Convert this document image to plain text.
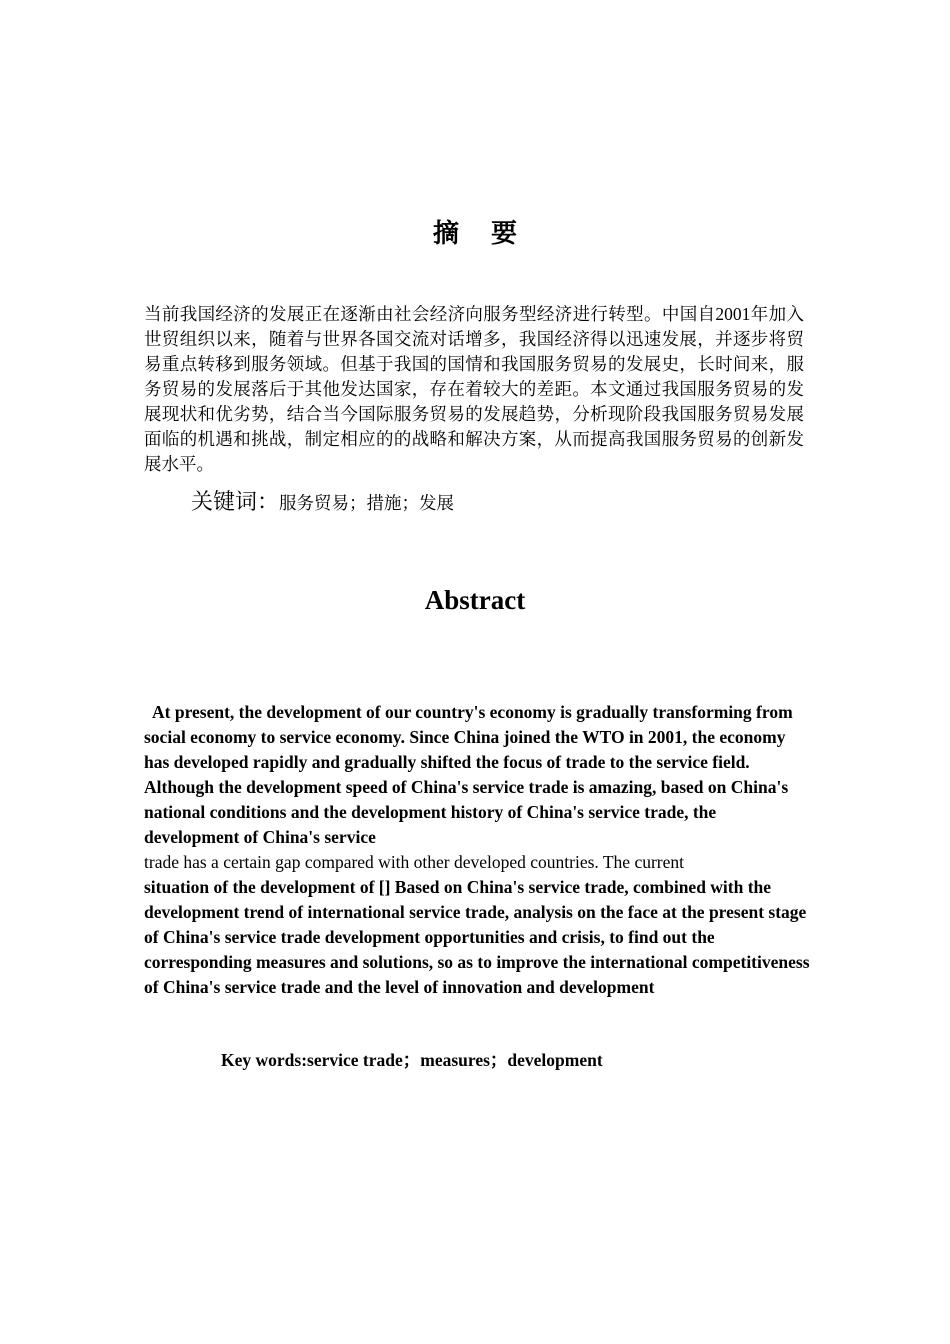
摘要

当前我国经济的发展正在逐渐由社会经济向服务型经济进行转型。中国自2001年加入世贸组织以来，随着与世界各国交流对话增多，我国经济得以迅速发展，并逐步将贸易重点转移到服务领域。但基于我国的国情和我国服务贸易的发展史，长时间来，服务贸易的发展落后于其他发达国家，存在着较大的差距。本文通过我国服务贸易的发展现状和优劣势，结合当今国际服务贸易的发展趋势，分析现阶段我国服务贸易发展面临的机遇和挑战，制定相应的的战略和解决方案，从而提高我国服务贸易的创新发展水平。

关键词：服务贸易；措施；发展
Abstract

At present, the development of our country's economy is gradually transforming from social economy to service economy. Since China joined the WTO in 2001, the economy has developed rapidly and gradually shifted the focus of trade to the service field. Although the development speed of China's service trade is amazing, based on China's national conditions and the development history of China's service trade, the development of China's service
trade has a certain gap compared with other developed countries. The current
situation of the development of [] Based on China's service trade, combined with the development trend of international service trade, analysis on the face at the present stage of China's service trade development opportunities and crisis, to find out the corresponding measures and solutions, so as to improve the international competitiveness of China's service trade and the level of innovation and development

Key words:service trade；measures；development
